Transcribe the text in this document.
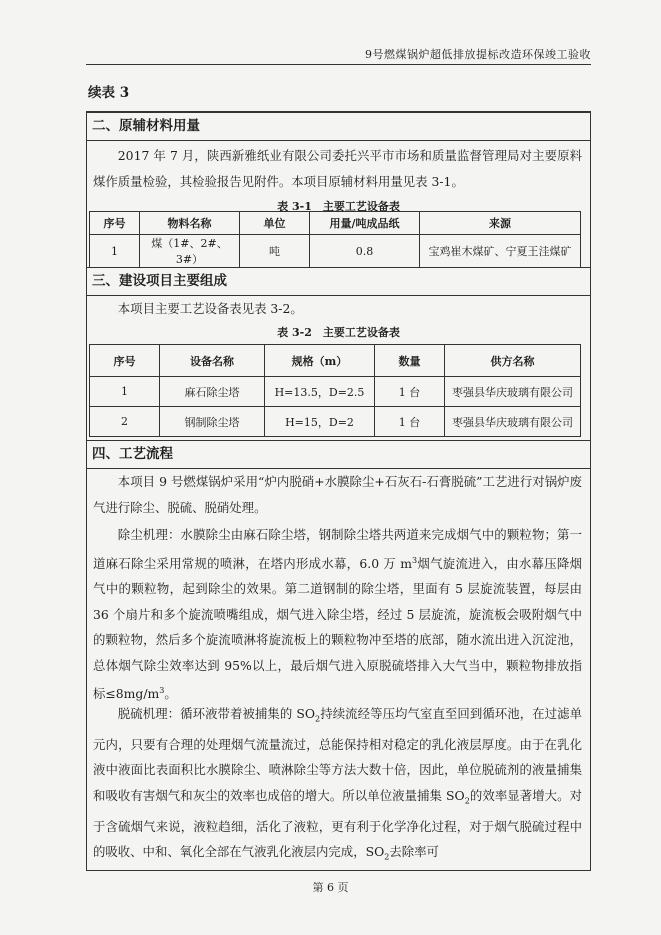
9号燃煤锅炉超低排放提标改造环保竣工验收
续表 3
二、原辅材料用量

2017 年 7 月，陕西新雅纸业有限公司委托兴平市市场和质量监督管理局对主要原料煤作质量检验，其检验报告见附件。本项目原辅材料用量见表 3-1。

表 3-1　主要工艺设备表
序号	物料名称	单位	用量/吨成品纸	来源
1	煤（1#、2#、3#）	吨	0.8	宝鸡崔木煤矿、宁夏王洼煤矿
三、建设项目主要组成

本项目主要工艺设备表见表 3-2。

表 3-2　主要工艺设备表
序号	设备名称	规格（m）	数量	供方名称
1	麻石除尘塔	H=13.5，D=2.5	1 台	枣强县华庆玻璃有限公司
2	钢制除尘塔	H=15，D=2	1 台	枣强县华庆玻璃有限公司
四、工艺流程

本项目 9 号燃煤锅炉采用“炉内脱硝+水膜除尘+石灰石-石膏脱硫”工艺进行对锅炉废气进行除尘、脱硫、脱硝处理。

除尘机理：水膜除尘由麻石除尘塔，钢制除尘塔共两道来完成烟气中的颗粒物；第一道麻石除尘采用常规的喷淋，在塔内形成水幕，6.0 万 $m^3$烟气旋流进入，由水幕压降烟气中的颗粒物，起到除尘的效果。第二道钢制的除尘塔，里面有 5 层旋流装置，每层由 36 个扇片和多个旋流喷嘴组成，烟气进入除尘塔，经过 5 层旋流，旋流板会吸附烟气中的颗粒物，然后多个旋流喷淋将旋流板上的颗粒物冲至塔的底部，随水流出进入沉淀池，总体烟气除尘效率达到 95%以上，最后烟气进入原脱硫塔排入大气当中，颗粒物排放指标$\le 8mg/m^3$。

脱硫机理：循环液带着被捕集的 $SO_2$持续流经等压均气室直至回到循环池，在过滤单元内，只要有合理的处理烟气流量流过，总能保持相对稳定的乳化液层厚度。由于在乳化液中液面比表面积比水膜除尘、喷淋除尘等方法大数十倍，因此，单位脱硫剂的液量捕集和吸收有害烟气和灰尘的效率也成倍的增大。所以单位液量捕集 $SO_2$的效率显著增大。对于含硫烟气来说，液粒趋细，活化了液粒，更有利于化学净化过程，对于烟气脱硫过程中的吸收、中和、氧化全部在气液乳化液层内完成，$SO_2$去除率可

第 6 页
